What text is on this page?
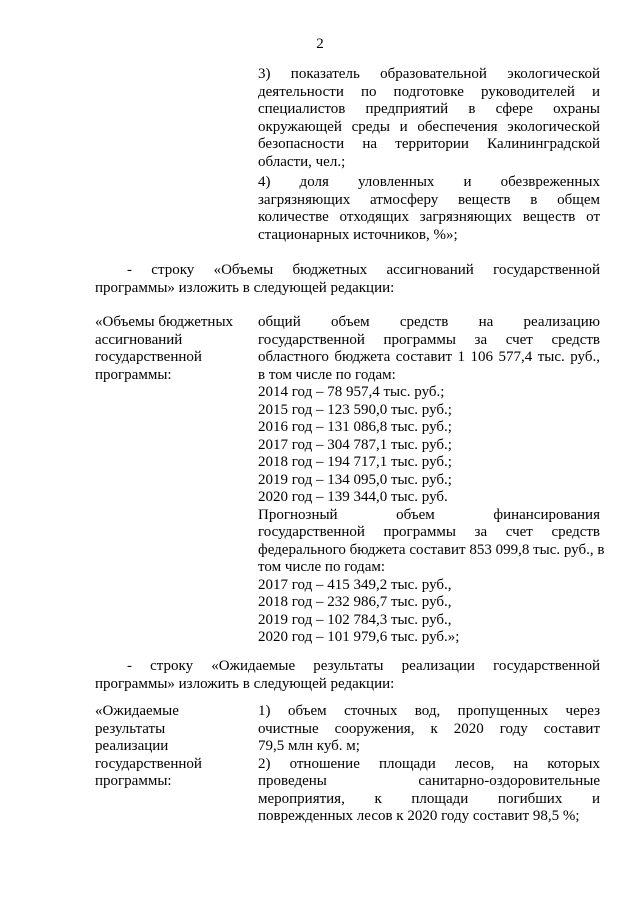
2
3) показатель образовательной экологической
деятельности по подготовке руководителей и
специалистов предприятий в сфере охраны
окружающей среды и обеспечения экологической
безопасности на территории Калининградской
области, чел.;
4) доля уловленных и обезвреженных
загрязняющих атмосферу веществ в общем
количестве отходящих загрязняющих веществ от
стационарных источников, %»;
- строку «Объемы бюджетных ассигнований государственной
программы» изложить в следующей редакции:
«Объемы бюджетных
ассигнований
государственной
программы:
общий объем средств на реализацию
государственной программы за счет средств
областного бюджета составит 1 106 577,4 тыс. руб.,
в том числе по годам:
2014 год – 78 957,4 тыс. руб.;
2015 год – 123 590,0 тыс. руб.;
2016 год – 131 086,8 тыс. руб.;
2017 год – 304 787,1 тыс. руб.;
2018 год – 194 717,1 тыс. руб.;
2019 год – 134 095,0 тыс. руб.;
2020 год – 139 344,0 тыс. руб.
Прогнозный объем финансирования
государственной программы за счет средств
федерального бюджета составит 853 099,8 тыс. руб., в
том числе по годам:
2017 год – 415 349,2 тыс. руб.,
2018 год – 232 986,7 тыс. руб.,
2019 год – 102 784,3 тыс. руб.,
2020 год – 101 979,6 тыс. руб.»;
- строку «Ожидаемые результаты реализации государственной
программы» изложить в следующей редакции:
«Ожидаемые
результаты
реализации
государственной
программы:
1) объем сточных вод, пропущенных через
очистные сооружения, к 2020 году составит
79,5 млн куб. м;
2) отношение площади лесов, на которых
проведены санитарно-оздоровительные
мероприятия, к площади погибших и
поврежденных лесов к 2020 году составит 98,5 %;
